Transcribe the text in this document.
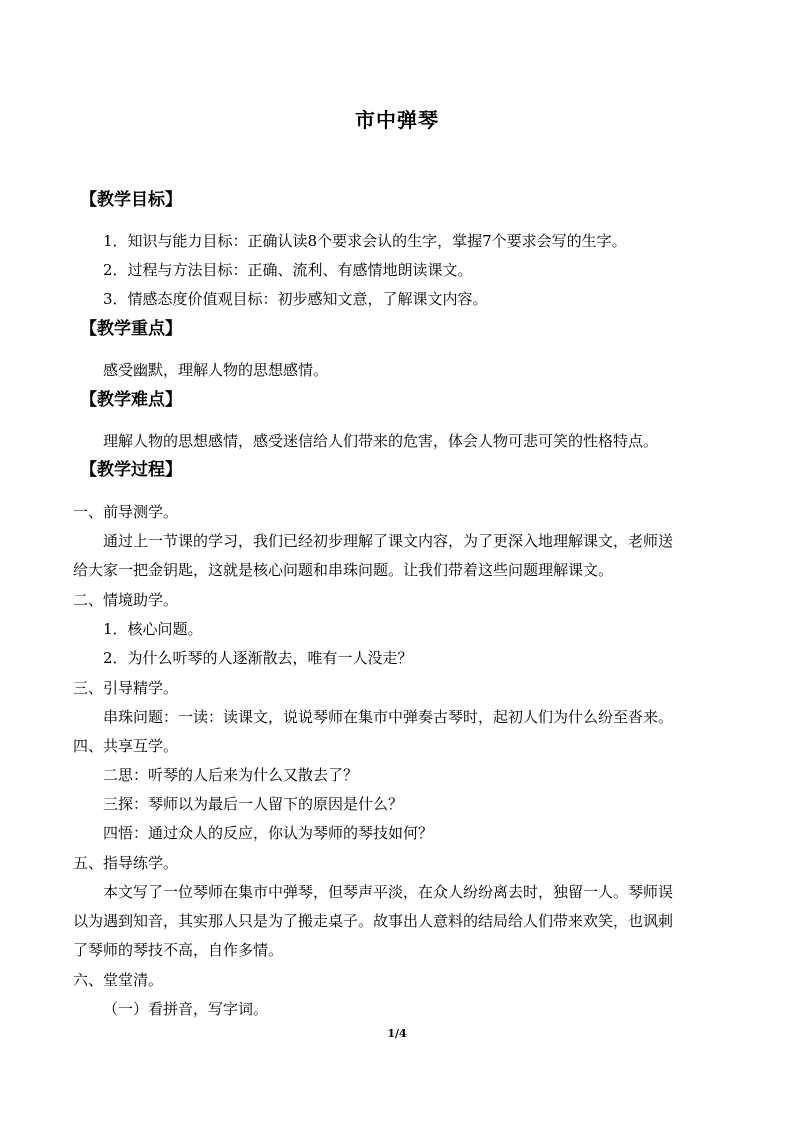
市中弹琴
【教学目标】
1．知识与能力目标：正确认读8个要求会认的生字，掌握7个要求会写的生字。
2．过程与方法目标：正确、流利、有感情地朗读课文。
3．情感态度价值观目标：初步感知文意，了解课文内容。
【教学重点】
感受幽默，理解人物的思想感情。
【教学难点】
理解人物的思想感情，感受迷信给人们带来的危害，体会人物可悲可笑的性格特点。
【教学过程】
一、前导测学。
通过上一节课的学习，我们已经初步理解了课文内容，为了更深入地理解课文，老师送
给大家一把金钥匙，这就是核心问题和串珠问题。让我们带着这些问题理解课文。
二、情境助学。
1．核心问题。
2．为什么听琴的人逐渐散去，唯有一人没走？
三、引导精学。
串珠问题：一读：读课文，说说琴师在集市中弹奏古琴时，起初人们为什么纷至沓来。
四、共享互学。
二思：听琴的人后来为什么又散去了？
三探：琴师以为最后一人留下的原因是什么？
四悟：通过众人的反应，你认为琴师的琴技如何？
五、指导练学。
本文写了一位琴师在集市中弹琴，但琴声平淡，在众人纷纷离去时，独留一人。琴师误
以为遇到知音，其实那人只是为了搬走桌子。故事出人意料的结局给人们带来欢笑，也讽刺
了琴师的琴技不高，自作多情。
六、堂堂清。
（一）看拼音，写字词。
1/4
